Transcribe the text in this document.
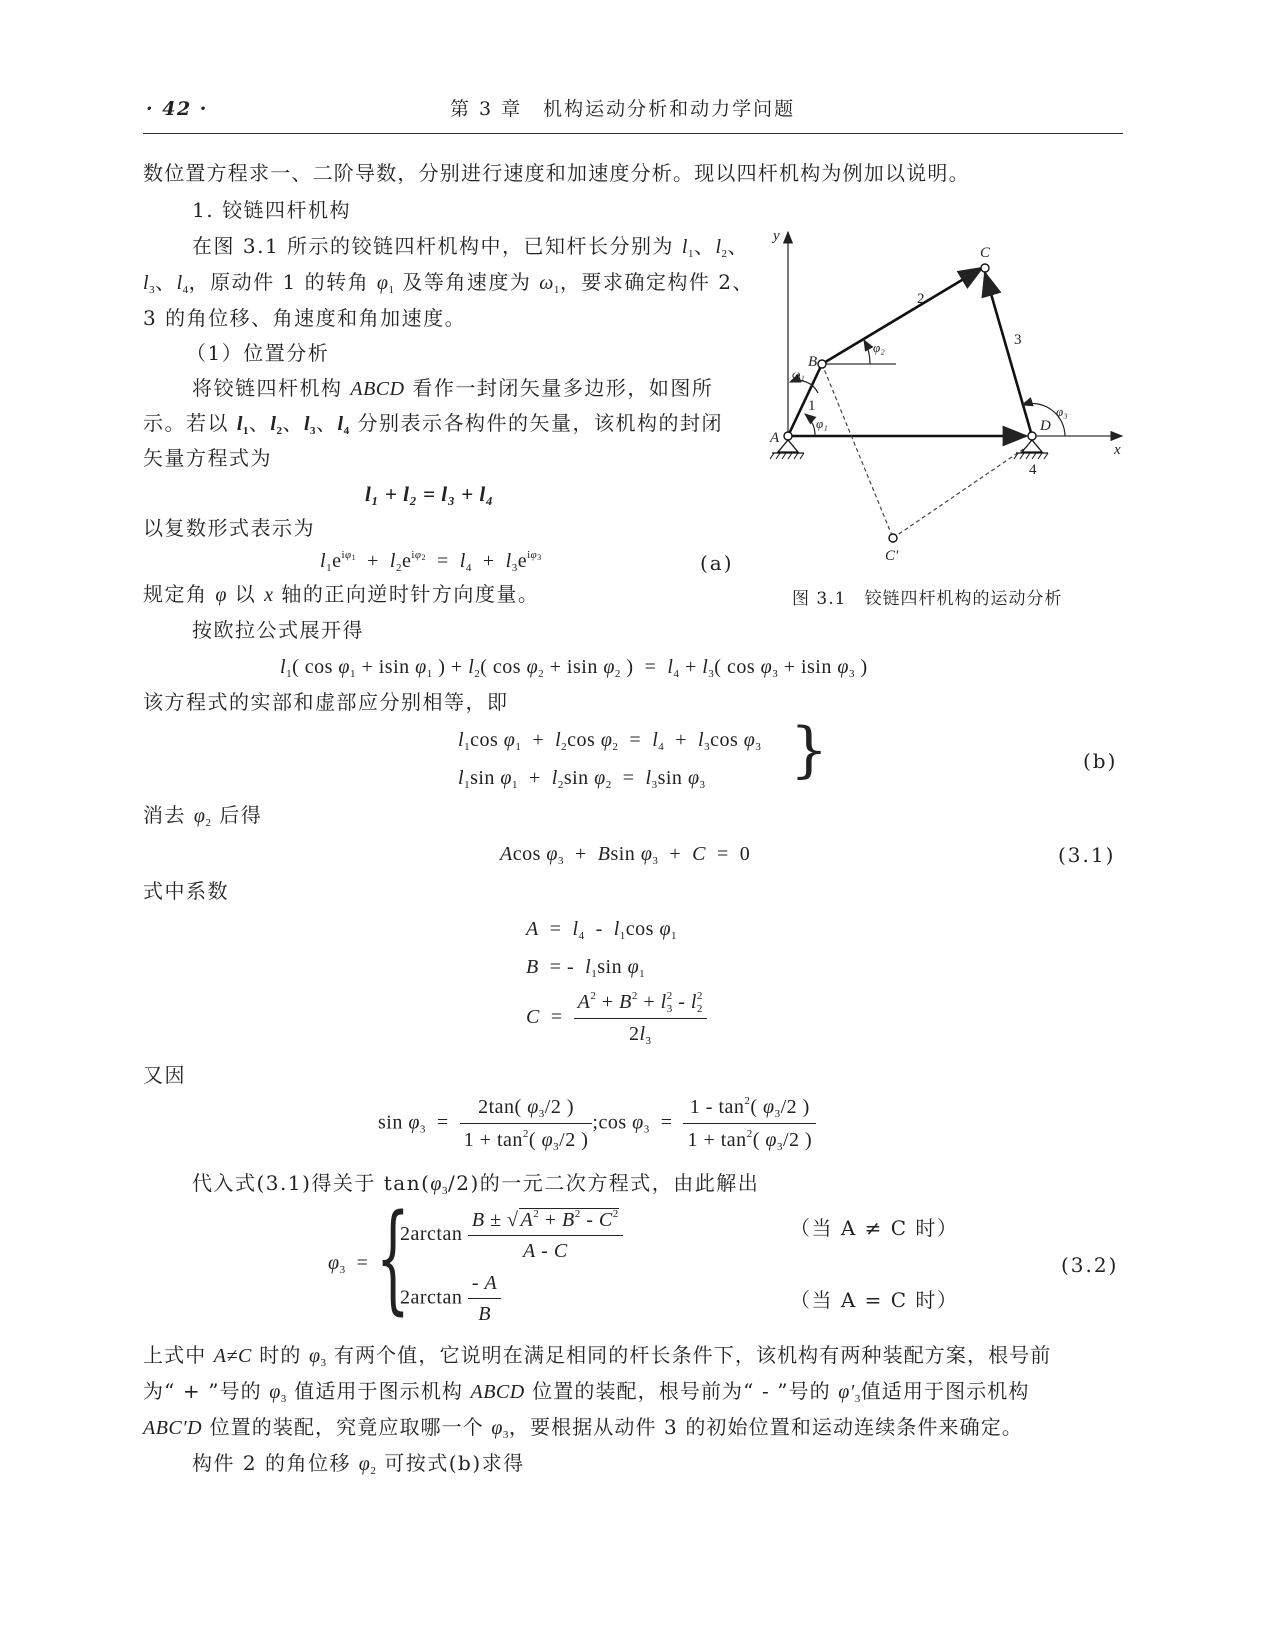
· 42 ·	第 3 章　机构运动分析和动力学问题
数位置方程求一、二阶导数，分别进行速度和加速度分析。现以四杆机构为例加以说明。
1. 铰链四杆机构
在图 3.1 所示的铰链四杆机构中，已知杆长分别为 $l_1$、$l_2$、
$l_3$、$l_4$，原动件 1 的转角 $\varphi_1$ 及等角速度为 $\omega_1$，要求确定构件 2、
3 的角位移、角速度和角加速度。
（1）位置分析
将铰链四杆机构 ABCD 看作一封闭矢量多边形，如图所
示。若以 $l_1$、$l_2$、$l_3$、$l_4$ 分别表示各构件的矢量，该机构的封闭
矢量方程式为
l₁ + l₂ = l₃ + l₄
以复数形式表示为
$l_1e^{i\varphi_1} + l_2e^{i\varphi_2} = l_4 + l_3e^{i\varphi_3}$	(a)
规定角 φ 以 x 轴的正向逆时针方向度量。
y
x
A
B
C
C′
D
ω₁
φ₁
φ₂
φ₃
1
2
3
4
图 3.1　铰链四杆机构的运动分析
按欧拉公式展开得
$l_1$( $\cos \varphi_1 + isin$ $\varphi_1$ ) + $l_2$( $\cos \varphi_2 + isin$ $\varphi_2$ )  =  $l_4 + l_3$( $\cos \varphi_3 + isin$ $\varphi_3$ )
该方程式的实部和虚部应分别相等，即
$l_1\cos$ $\varphi_1 + l_2\cos$ $\varphi_2 = l_4 + l_3\cos$ $\varphi_3$
$l_1\sin$ $\varphi_1 + l_2\sin$ $\varphi_2 = l_3\sin$ $\varphi_3$ }	(b)
消去 $\varphi_2$ 后得
Acos $\varphi_3 + Bsin$ $\varphi_3 + C = 0$	(3.1)
式中系数
$A = l_4 - l_1\cos$ $\varphi_1$
B  = -  $l_1\sin$ $\varphi_1$
$C = \frac{A^2 + B^2 + l^2_3 - l^2_2}{2l_3}$
又因
$\sin \varphi_3 = \frac{2\tan( \varphi_3/2 )}{1 + \tan^2( \varphi_3/2 )}$ ;cos $\varphi_3 = \frac{1 - \tan^2( \varphi_3/2 )}{1 + \tan^2( \varphi_3/2 )}$
代入式(3.1)得关于 $\tan(\varphi_3/2)$的一元二次方程式，由此解出
$\varphi_3$  = {
$2\arctan \frac{B \pm √ A^2 + B^2 - C^2}{A - C}$	（当 A ≠ C 时）
$2\arctan \frac{- A}{B}$	（当 A = C 时）
(3.2)
上式中 A≠C 时的 $\varphi_3$ 有两个值，它说明在满足相同的杆长条件下，该机构有两种装配方案，根号前
为“ + ”号的 $\varphi_3$ 值适用于图示机构 ABCD 位置的装配，根号前为“ - ”号的 $\varphi'_3$值适用于图示机构
ABC′D 位置的装配，究竟应取哪一个 $\varphi_3$，要根据从动件 3 的初始位置和运动连续条件来确定。
构件 2 的角位移 $\varphi_2$ 可按式(b)求得
